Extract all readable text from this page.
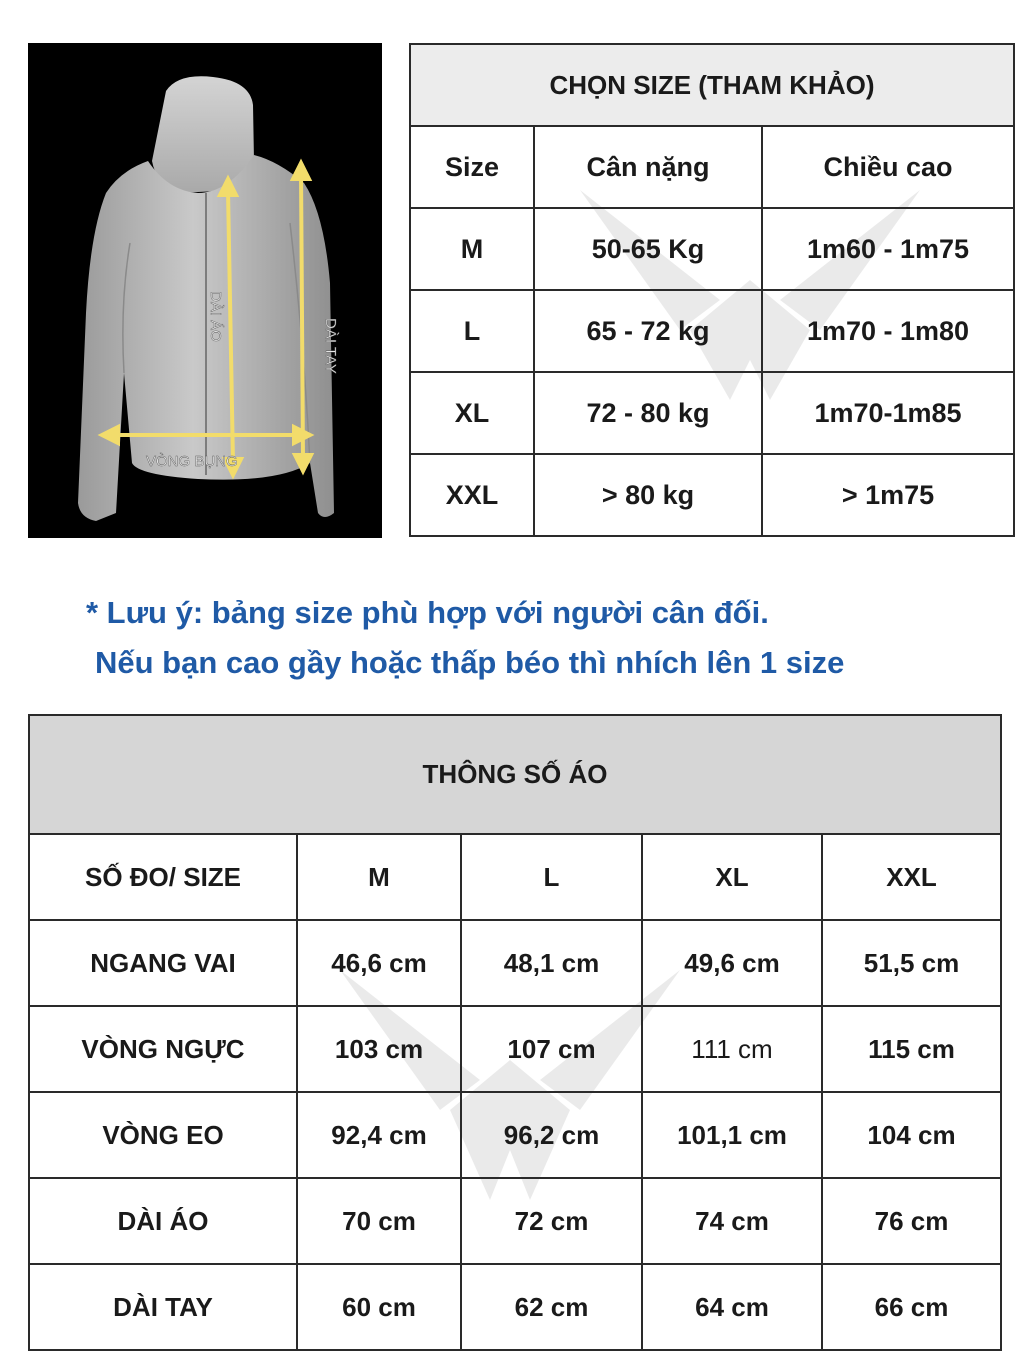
DÀI ÁO
DÀI TAY
VÒNG BỤNG
CHỌN SIZE (THAM KHẢO)		
Size	Cân nặng	Chiều cao
M	50-65 Kg	1m60 - 1m75
L	65 - 72 kg	1m70 - 1m80
XL	72 - 80 kg	1m70-1m85
XXL	> 80 kg	> 1m75
* Lưu ý: bảng size phù hợp với người cân đối.
Nếu bạn cao gầy hoặc thấp béo thì nhích lên 1 size
THÔNG SỐ ÁO				
SỐ ĐO/ SIZE	M	L	XL	XXL
NGANG VAI	46,6 cm	48,1 cm	49,6 cm	51,5 cm
VÒNG NGỰC	103 cm	107 cm	111 cm	115 cm
VÒNG EO	92,4 cm	96,2 cm	101,1 cm	104 cm
DÀI ÁO	70 cm	72 cm	74 cm	76 cm
DÀI TAY	60 cm	62 cm	64 cm	66 cm
